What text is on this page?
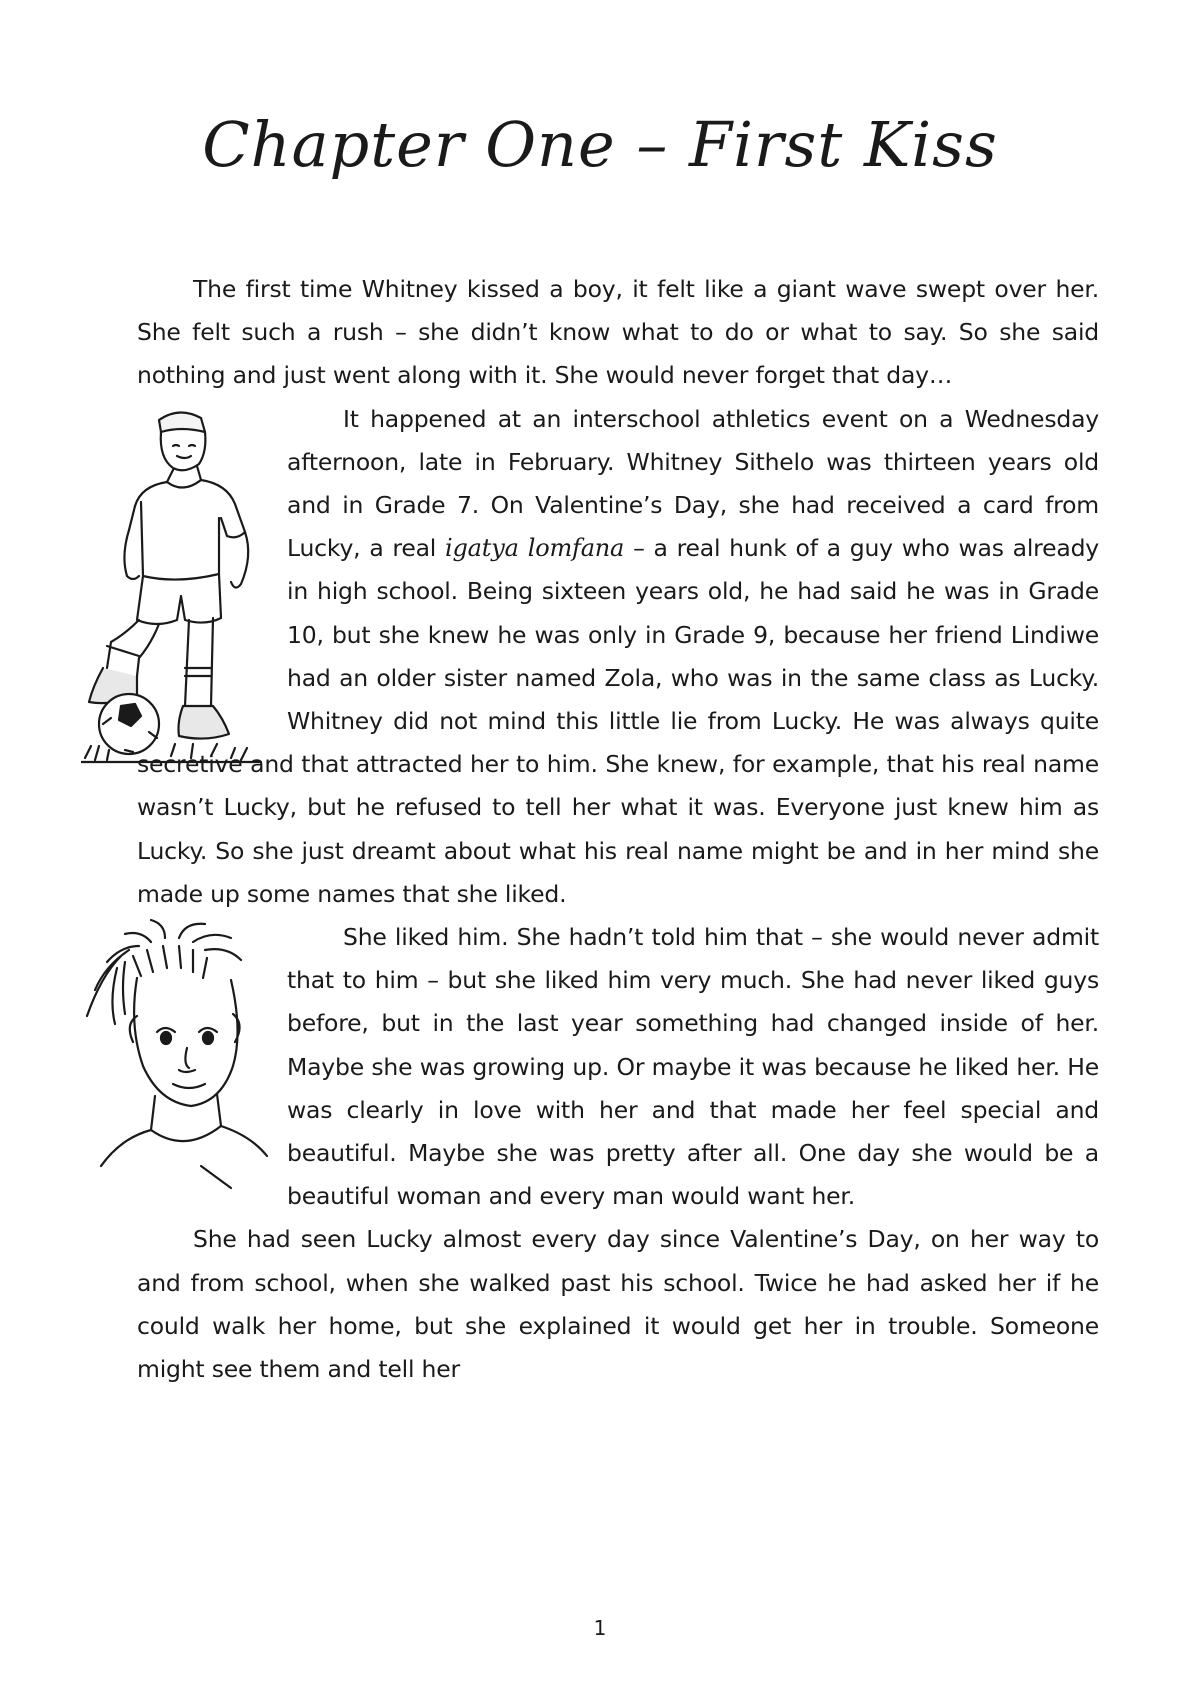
Chapter One – First Kiss

The first time Whitney kissed a boy, it felt like a giant wave swept over her. She felt such a rush – she didn’t know what to do or what to say. So she said nothing and just went along with it. She would never forget that day…

It happened at an interschool athletics event on a Wednesday afternoon, late in February. Whitney Sithelo was thirteen years old and in Grade 7. On Valentine’s Day, she had received a card from Lucky, a real igatya lomfana – a real hunk of a guy who was already in high school. Being sixteen years old, he had said he was in Grade 10, but she knew he was only in Grade 9, because her friend Lindiwe had an older sister named Zola, who was in the same class as Lucky. Whitney did not mind this little lie from Lucky. He was always quite secretive and that attracted her to him. She knew, for example, that his real name wasn’t Lucky, but he refused to tell her what it was. Everyone just knew him as Lucky. So she just dreamt about what his real name might be and in her mind she made up some names that she liked.

She liked him. She hadn’t told him that – she would never admit that to him – but she liked him very much. She had never liked guys before, but in the last year something had changed inside of her. Maybe she was growing up. Or maybe it was because he liked her. He was clearly in love with her and that made her feel special and beautiful. Maybe she was pretty after all. One day she would be a beautiful woman and every man would want her.

She had seen Lucky almost every day since Valentine’s Day, on her way to and from school, when she walked past his school. Twice he had asked her if he could walk her home, but she explained it would get her in trouble. Someone might see them and tell her

1
